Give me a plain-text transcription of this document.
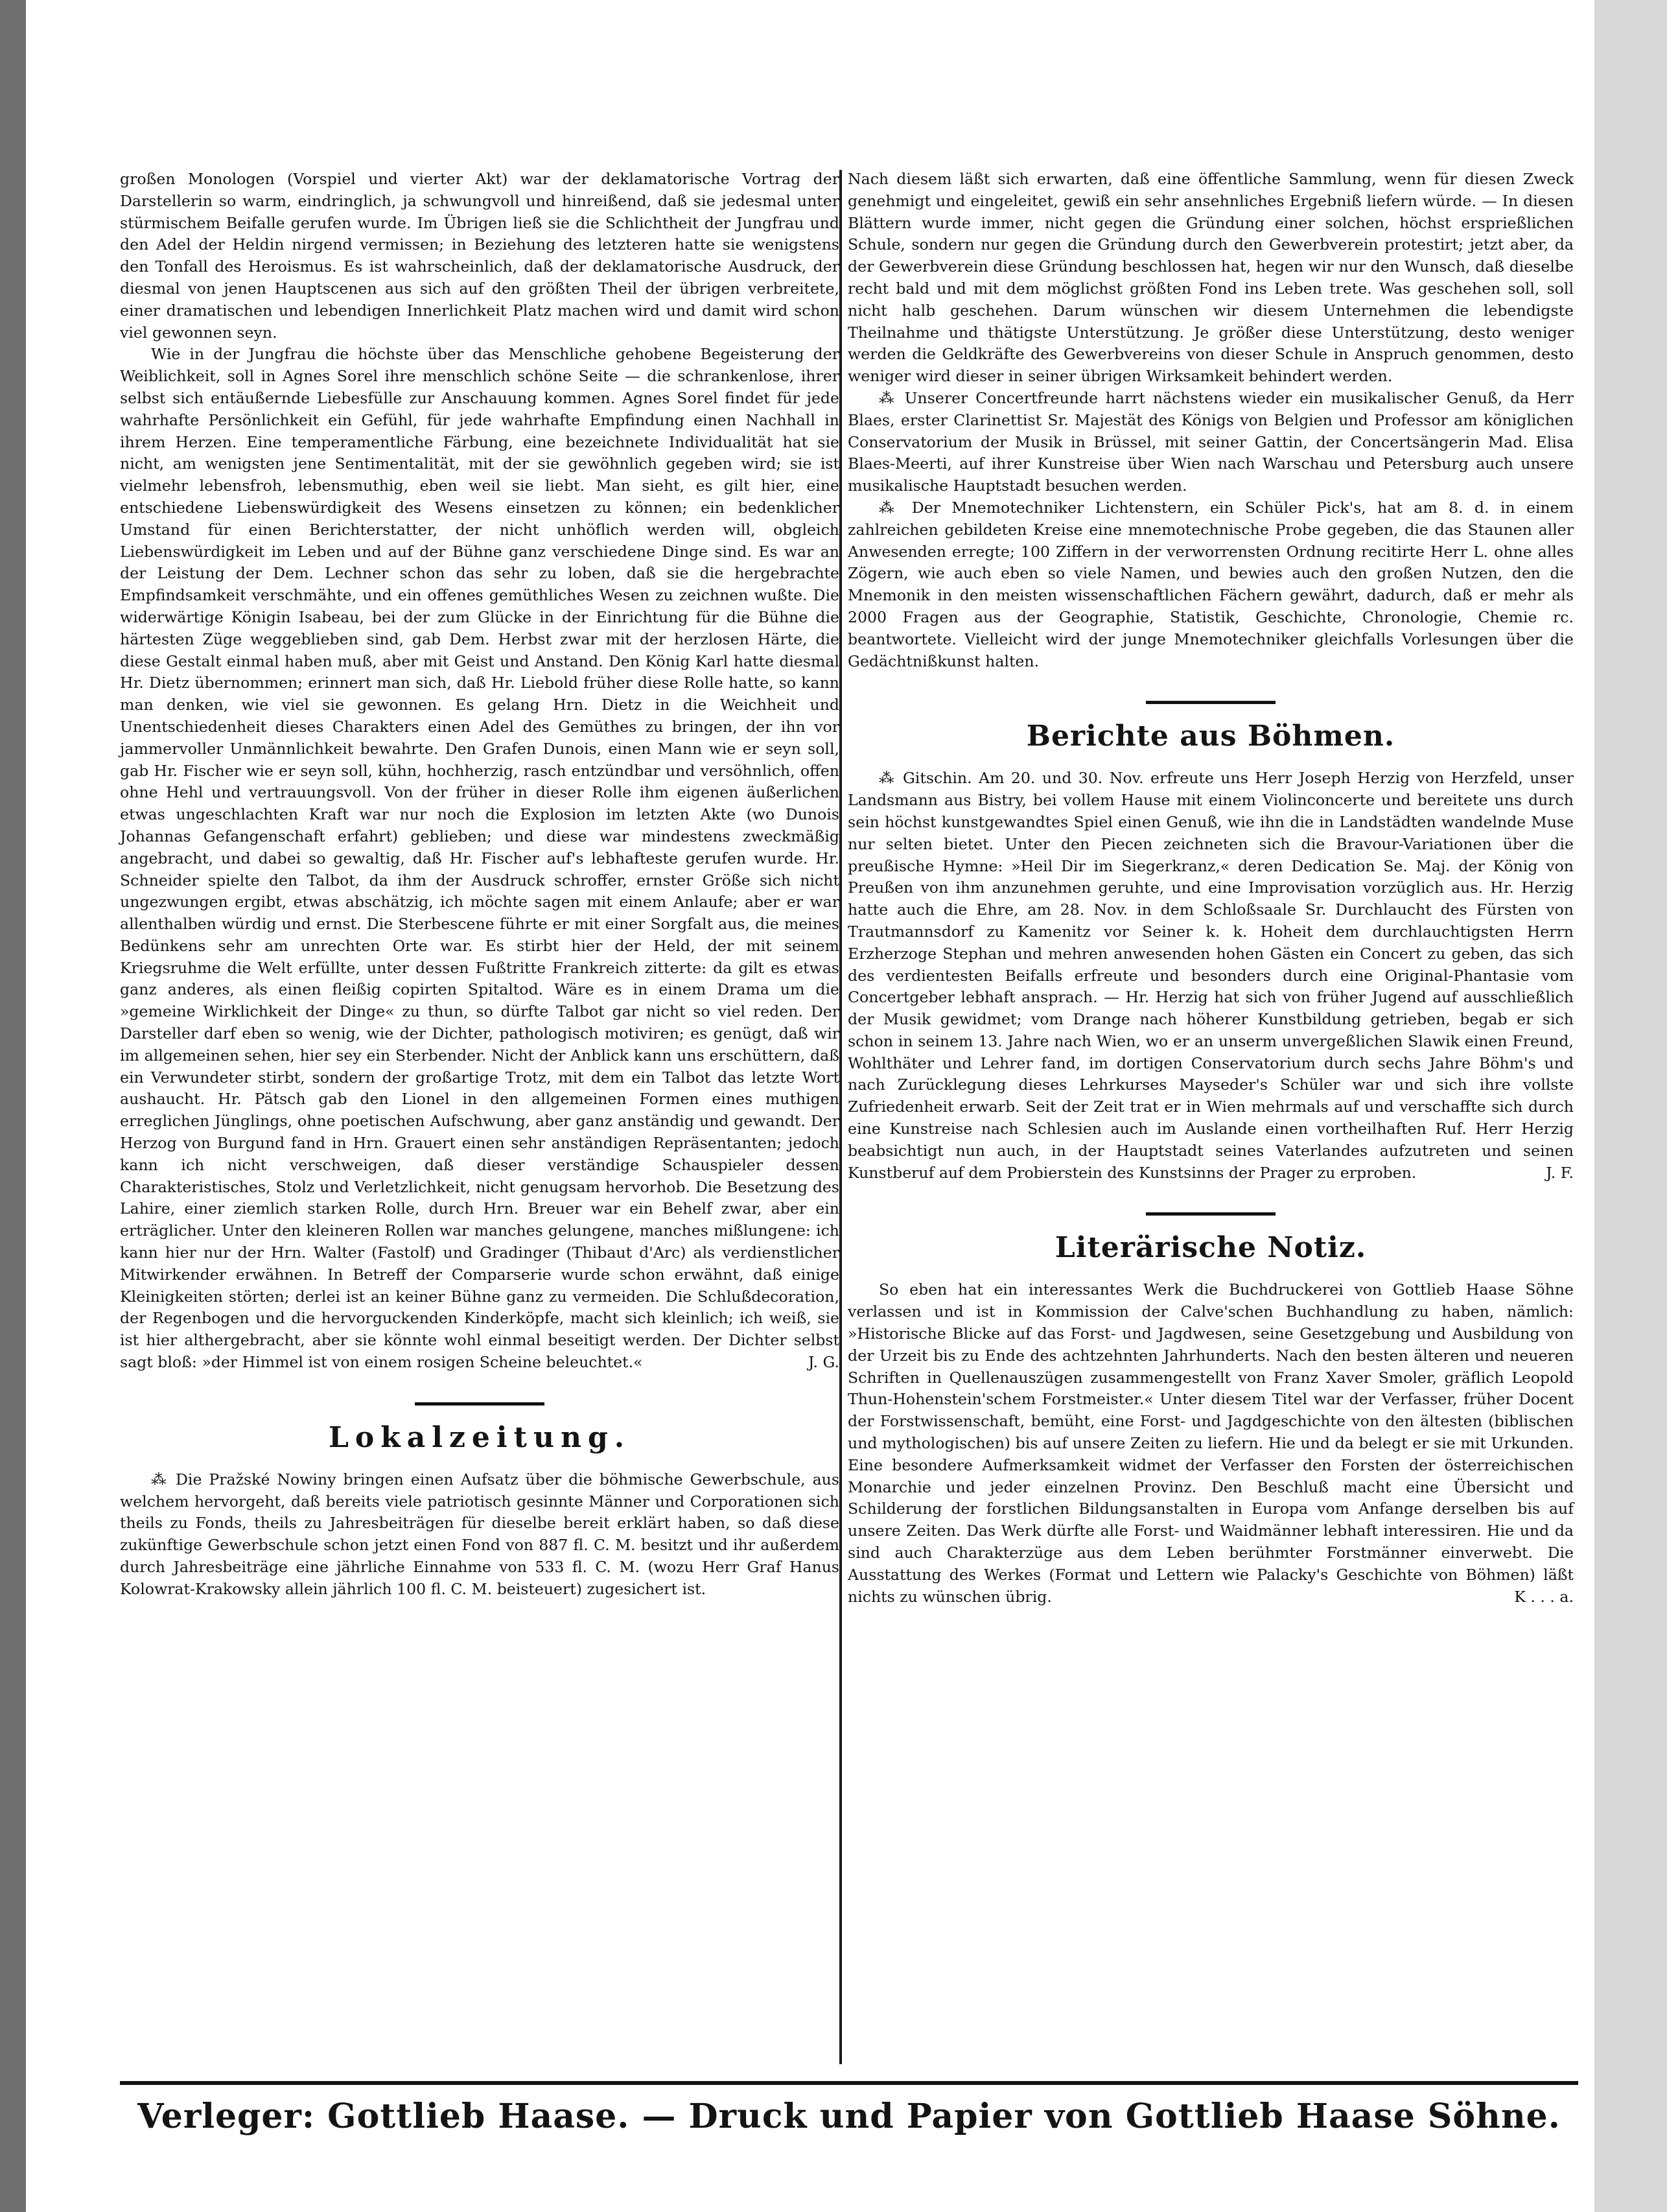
großen Monologen (Vorspiel und vierter Akt) war der deklamatorische Vortrag der Darstellerin so warm, eindringlich, ja schwungvoll und hinreißend, daß sie jedesmal unter stürmischem Beifalle gerufen wurde. Im Übrigen ließ sie die Schlichtheit der Jungfrau und den Adel der Heldin nirgend vermissen; in Beziehung des letzteren hatte sie wenigstens den Tonfall des Heroismus. Es ist wahrscheinlich, daß der deklamatorische Ausdruck, der diesmal von jenen Hauptscenen aus sich auf den größten Theil der übrigen verbreitete, einer dramatischen und lebendigen Innerlichkeit Platz machen wird und damit wird schon viel gewonnen seyn.

Wie in der Jungfrau die höchste über das Menschliche gehobene Begeisterung der Weiblichkeit, soll in Agnes Sorel ihre menschlich schöne Seite — die schrankenlose, ihrer selbst sich entäußernde Liebesfülle zur Anschauung kommen. Agnes Sorel findet für jede wahrhafte Persönlichkeit ein Gefühl, für jede wahrhafte Empfindung einen Nachhall in ihrem Herzen. Eine temperamentliche Färbung, eine bezeichnete Individualität hat sie nicht, am wenigsten jene Sentimentalität, mit der sie gewöhnlich gegeben wird; sie ist vielmehr lebensfroh, lebensmuthig, eben weil sie liebt. Man sieht, es gilt hier, eine entschiedene Liebenswürdigkeit des Wesens einsetzen zu können; ein bedenklicher Umstand für einen Berichterstatter, der nicht unhöflich werden will, obgleich Liebenswürdigkeit im Leben und auf der Bühne ganz verschiedene Dinge sind. Es war an der Leistung der Dem. Lechner schon das sehr zu loben, daß sie die hergebrachte Empfindsamkeit verschmähte, und ein offenes gemüthliches Wesen zu zeichnen wußte. Die widerwärtige Königin Isabeau, bei der zum Glücke in der Einrichtung für die Bühne die härtesten Züge weggeblieben sind, gab Dem. Herbst zwar mit der herzlosen Härte, die diese Gestalt einmal haben muß, aber mit Geist und Anstand. Den König Karl hatte diesmal Hr. Dietz übernommen; erinnert man sich, daß Hr. Liebold früher diese Rolle hatte, so kann man denken, wie viel sie gewonnen. Es gelang Hrn. Dietz in die Weichheit und Unentschiedenheit dieses Charakters einen Adel des Gemüthes zu bringen, der ihn vor jammervoller Unmännlichkeit bewahrte. Den Grafen Dunois, einen Mann wie er seyn soll, gab Hr. Fischer wie er seyn soll, kühn, hochherzig, rasch entzündbar und versöhnlich, offen ohne Hehl und vertrauungsvoll. Von der früher in dieser Rolle ihm eigenen äußerlichen etwas ungeschlachten Kraft war nur noch die Explosion im letzten Akte (wo Dunois Johannas Gefangenschaft erfahrt) geblieben; und diese war mindestens zweckmäßig angebracht, und dabei so gewaltig, daß Hr. Fischer auf's lebhafteste gerufen wurde. Hr. Schneider spielte den Talbot, da ihm der Ausdruck schroffer, ernster Größe sich nicht ungezwungen ergibt, etwas abschätzig, ich möchte sagen mit einem Anlaufe; aber er war allenthalben würdig und ernst. Die Sterbescene führte er mit einer Sorgfalt aus, die meines Bedünkens sehr am unrechten Orte war. Es stirbt hier der Held, der mit seinem Kriegsruhme die Welt erfüllte, unter dessen Fußtritte Frankreich zitterte: da gilt es etwas ganz anderes, als einen fleißig copirten Spitaltod. Wäre es in einem Drama um die »gemeine Wirklichkeit der Dinge« zu thun, so dürfte Talbot gar nicht so viel reden. Der Darsteller darf eben so wenig, wie der Dichter, pathologisch motiviren; es genügt, daß wir im allgemeinen sehen, hier sey ein Sterbender. Nicht der Anblick kann uns erschüttern, daß ein Verwundeter stirbt, sondern der großartige Trotz, mit dem ein Talbot das letzte Wort aushaucht. Hr. Pätsch gab den Lionel in den allgemeinen Formen eines muthigen erreglichen Jünglings, ohne poetischen Aufschwung, aber ganz anständig und gewandt. Der Herzog von Burgund fand in Hrn. Grauert einen sehr anständigen Repräsentanten; jedoch kann ich nicht verschweigen, daß dieser verständige Schauspieler dessen Charakteristisches, Stolz und Verletzlichkeit, nicht genugsam hervorhob. Die Besetzung des Lahire, einer ziemlich starken Rolle, durch Hrn. Breuer war ein Behelf zwar, aber ein erträglicher. Unter den kleineren Rollen war manches gelungene, manches mißlungene: ich kann hier nur der Hrn. Walter (Fastolf) und Gradinger (Thibaut d'Arc) als verdienstlicher Mitwirkender erwähnen. In Betreff der Comparserie wurde schon erwähnt, daß einige Kleinigkeiten störten; derlei ist an keiner Bühne ganz zu vermeiden. Die Schlußdecoration, der Regenbogen und die hervorguckenden Kinderköpfe, macht sich kleinlich; ich weiß, sie ist hier althergebracht, aber sie könnte wohl einmal beseitigt werden. Der Dichter selbst sagt bloß: »der Himmel ist von einem rosigen Scheine beleuchtet.«	J. G.

Lokalzeitung.

⁂ Die Pražské Nowiny bringen einen Aufsatz über die böhmische Gewerbschule, aus welchem hervorgeht, daß bereits viele patriotisch gesinnte Männer und Corporationen sich theils zu Fonds, theils zu Jahresbeiträgen für dieselbe bereit erklärt haben, so daß diese zukünftige Gewerbschule schon jetzt einen Fond von 887 fl. C. M. besitzt und ihr außerdem durch Jahresbeiträge eine jährliche Einnahme von 533 fl. C. M. (wozu Herr Graf Hanus Kolowrat-Krakowsky allein jährlich 100 fl. C. M. beisteuert) zugesichert ist.

Nach diesem läßt sich erwarten, daß eine öffentliche Sammlung, wenn für diesen Zweck genehmigt und eingeleitet, gewiß ein sehr ansehnliches Ergebniß liefern würde. — In diesen Blättern wurde immer, nicht gegen die Gründung einer solchen, höchst ersprießlichen Schule, sondern nur gegen die Gründung durch den Gewerbverein protestirt; jetzt aber, da der Gewerbverein diese Gründung beschlossen hat, hegen wir nur den Wunsch, daß dieselbe recht bald und mit dem möglichst größten Fond ins Leben trete. Was geschehen soll, soll nicht halb geschehen. Darum wünschen wir diesem Unternehmen die lebendigste Theilnahme und thätigste Unterstützung. Je größer diese Unterstützung, desto weniger werden die Geldkräfte des Gewerbvereins von dieser Schule in Anspruch genommen, desto weniger wird dieser in seiner übrigen Wirksamkeit behindert werden.

⁂ Unserer Concertfreunde harrt nächstens wieder ein musikalischer Genuß, da Herr Blaes, erster Clarinettist Sr. Majestät des Königs von Belgien und Professor am königlichen Conservatorium der Musik in Brüssel, mit seiner Gattin, der Concertsängerin Mad. Elisa Blaes-Meerti, auf ihrer Kunstreise über Wien nach Warschau und Petersburg auch unsere musikalische Hauptstadt besuchen werden.

⁂ Der Mnemotechniker Lichtenstern, ein Schüler Pick's, hat am 8. d. in einem zahlreichen gebildeten Kreise eine mnemotechnische Probe gegeben, die das Staunen aller Anwesenden erregte; 100 Ziffern in der verworrensten Ordnung recitirte Herr L. ohne alles Zögern, wie auch eben so viele Namen, und bewies auch den großen Nutzen, den die Mnemonik in den meisten wissenschaftlichen Fächern gewährt, dadurch, daß er mehr als 2000 Fragen aus der Geographie, Statistik, Geschichte, Chronologie, Chemie rc. beantwortete. Vielleicht wird der junge Mnemotechniker gleichfalls Vorlesungen über die Gedächtnißkunst halten.

Berichte aus Böhmen.

⁂ Gitschin. Am 20. und 30. Nov. erfreute uns Herr Joseph Herzig von Herzfeld, unser Landsmann aus Bistry, bei vollem Hause mit einem Violinconcerte und bereitete uns durch sein höchst kunstgewandtes Spiel einen Genuß, wie ihn die in Landstädten wandelnde Muse nur selten bietet. Unter den Piecen zeichneten sich die Bravour-Variationen über die preußische Hymne: »Heil Dir im Siegerkranz,« deren Dedication Se. Maj. der König von Preußen von ihm anzunehmen geruhte, und eine Improvisation vorzüglich aus. Hr. Herzig hatte auch die Ehre, am 28. Nov. in dem Schloßsaale Sr. Durchlaucht des Fürsten von Trautmannsdorf zu Kamenitz vor Seiner k. k. Hoheit dem durchlauchtigsten Herrn Erzherzoge Stephan und mehren anwesenden hohen Gästen ein Concert zu geben, das sich des verdientesten Beifalls erfreute und besonders durch eine Original-Phantasie vom Concertgeber lebhaft ansprach. — Hr. Herzig hat sich von früher Jugend auf ausschließlich der Musik gewidmet; vom Drange nach höherer Kunstbildung getrieben, begab er sich schon in seinem 13. Jahre nach Wien, wo er an unserm unvergeßlichen Slawik einen Freund, Wohlthäter und Lehrer fand, im dortigen Conservatorium durch sechs Jahre Böhm's und nach Zurücklegung dieses Lehrkurses Mayseder's Schüler war und sich ihre vollste Zufriedenheit erwarb. Seit der Zeit trat er in Wien mehrmals auf und verschaffte sich durch eine Kunstreise nach Schlesien auch im Auslande einen vortheilhaften Ruf. Herr Herzig beabsichtigt nun auch, in der Hauptstadt seines Vaterlandes aufzutreten und seinen Kunstberuf auf dem Probierstein des Kunstsinns der Prager zu erproben.	J. F.

Literärische Notiz.

So eben hat ein interessantes Werk die Buchdruckerei von Gottlieb Haase Söhne verlassen und ist in Kommission der Calve'schen Buchhandlung zu haben, nämlich: »Historische Blicke auf das Forst- und Jagdwesen, seine Gesetzgebung und Ausbildung von der Urzeit bis zu Ende des achtzehnten Jahrhunderts. Nach den besten älteren und neueren Schriften in Quellenauszügen zusammengestellt von Franz Xaver Smoler, gräflich Leopold Thun-Hohenstein'schem Forstmeister.« Unter diesem Titel war der Verfasser, früher Docent der Forstwissenschaft, bemüht, eine Forst- und Jagdgeschichte von den ältesten (biblischen und mythologischen) bis auf unsere Zeiten zu liefern. Hie und da belegt er sie mit Urkunden. Eine besondere Aufmerksamkeit widmet der Verfasser den Forsten der österreichischen Monarchie und jeder einzelnen Provinz. Den Beschluß macht eine Übersicht und Schilderung der forstlichen Bildungsanstalten in Europa vom Anfange derselben bis auf unsere Zeiten. Das Werk dürfte alle Forst- und Waidmänner lebhaft interessiren. Hie und da sind auch Charakterzüge aus dem Leben berühmter Forstmänner einverwebt. Die Ausstattung des Werkes (Format und Lettern wie Palacky's Geschichte von Böhmen) läßt nichts zu wünschen übrig.	K . . . a.

Verleger: Gottlieb Haase. — Druck und Papier von Gottlieb Haase Söhne.
